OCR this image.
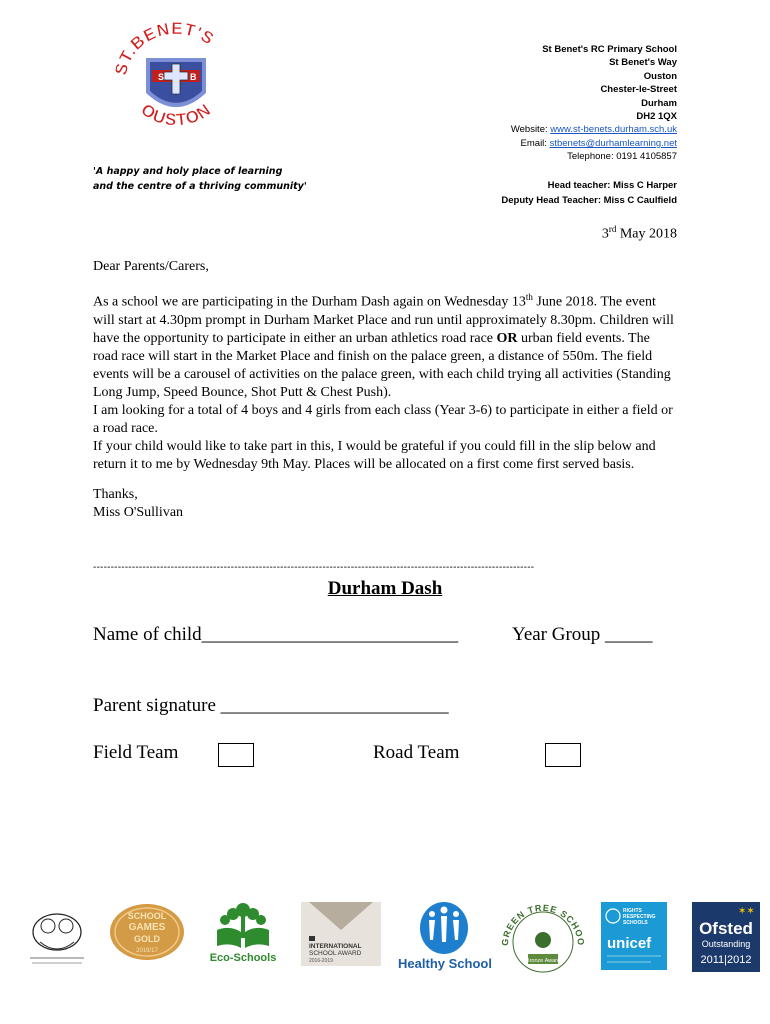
S	B
ST.BENET'S
OUSTON
St Benet's RC Primary School
St Benet's Way
Ouston
Chester-le-Street
Durham
DH2 1QX
Website: www.st-benets.durham.sch.uk
Email: stbenets@durhamlearning.net
Telephone: 0191 4105857
'A happy and holy place of learning
and the centre of a thriving community'	Head teacher: Miss C Harper
Deputy Head Teacher: Miss C Caulfield
3rd May 2018

Dear Parents/Carers,

As a school we are participating in the Durham Dash again on Wednesday 13th June 2018. The event will start at 4.30pm prompt in Durham Market Place and run until approximately 8.30pm. Children will have the opportunity to participate in either an urban athletics road race OR urban field events. The road race will start in the Market Place and finish on the palace green, a distance of 550m. The field events will be a carousel of activities on the palace green, with each child trying all activities (Standing Long Jump, Speed Bounce, Shot Putt & Chest Push).

I am looking for a total of 4 boys and 4 girls from each class (Year 3-6) to participate in either a field or a road race.

If your child would like to take part in this, I would be grateful if you could fill in the slip below and return it to me by Wednesday 9th May. Places will be allocated on a first come first served basis.

Thanks,

Miss O'Sullivan

-----------------------------------------------------------------------------------------------------------------------------
Durham Dash
Name of child___________________________	Year Group _____
Parent signature ________________________
Field Team	Road Team
SCHOOL
GAMES
GOLD
2016/17
Eco-Schools
INTERNATIONAL
SCHOOL AWARD
2016-2019	Healthy School
GREEN TREE SCHOO
Bronze Award
RIGHTS
RESPECTING
SCHOOLS
unicef
✶✶
Ofsted
Outstanding
2011|2012
